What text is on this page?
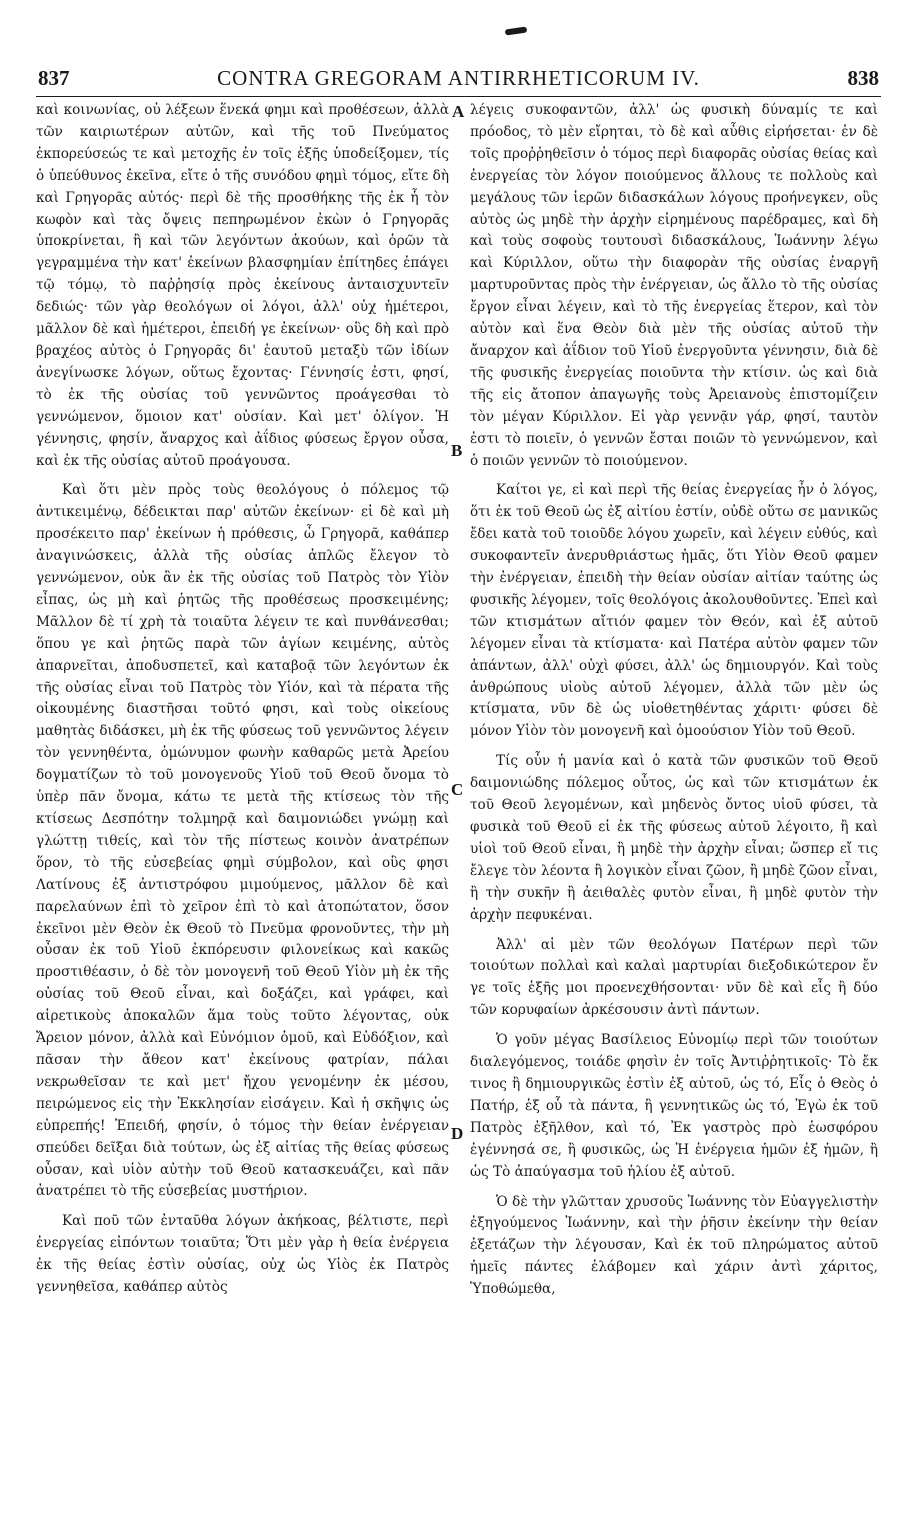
837	CONTRA GREGORAM ANTIRRHETICORUM IV.	838

καὶ κοινωνίας, οὐ λέξεων ἕνεκά φημι καὶ προθέσεων, ἀλλὰ τῶν καιριωτέρων αὐτῶν, καὶ τῆς τοῦ Πνεύματος ἐκπορεύσεώς τε καὶ μετοχῆς ἐν τοῖς ἑξῆς ὑποδείξομεν, τίς ὁ ὑπεύθυνος ἐκεῖνα, εἴτε ὁ τῆς συνόδου φημὶ τόμος, εἴτε δὴ καὶ Γρηγορᾶς αὐτός· περὶ δὲ τῆς προσθήκης τῆς ἐκ ἧ τὸν κωφὸν καὶ τὰς ὄψεις πεπηρωμένον ἐκὼν ὁ Γρηγορᾶς ὑποκρίνεται, ἢ καὶ τῶν λεγόντων ἀκούων, καὶ ὁρῶν τὰ γεγραμμένα τὴν κατ' ἐκείνων βλασφημίαν ἐπίτηδες ἐπάγει τῷ τόμῳ, τὸ παῤῥησίᾳ πρὸς ἐκείνους ἀνταισχυντεῖν δεδιώς· τῶν γὰρ θεολόγων οἱ λόγοι, ἀλλ' οὐχ ἡμέτεροι, μᾶλλον δὲ καὶ ἡμέτεροι, ἐπειδή γε ἐκείνων· οὓς δὴ καὶ πρὸ βραχέος αὐτὸς ὁ Γρηγορᾶς δι' ἑαυτοῦ μεταξὺ τῶν ἰδίων ἀνεγίνωσκε λόγων, οὕτως ἔχοντας· Γέννησίς ἐστι, φησί, τὸ ἐκ τῆς οὐσίας τοῦ γεννῶντος προάγεσθαι τὸ γεννώμενον, ὅμοιον κατ' οὐσίαν. Καὶ μετ' ὀλίγον. Ἡ γέννησις, φησίν, ἄναρχος καὶ ἀΐδιος φύσεως ἔργον οὖσα, καὶ ἐκ τῆς οὐσίας αὐτοῦ προάγουσα.

Καὶ ὅτι μὲν πρὸς τοὺς θεολόγους ὁ πόλεμος τῷ ἀντικειμένῳ, δέδεικται παρ' αὐτῶν ἐκείνων· εἰ δὲ καὶ μὴ προσέκειτο παρ' ἐκείνων ἡ πρόθεσις, ὦ Γρηγορᾶ, καθάπερ ἀναγινώσκεις, ἀλλὰ τῆς οὐσίας ἁπλῶς ἔλεγον τὸ γεννώμενον, οὐκ ἂν ἐκ τῆς οὐσίας τοῦ Πατρὸς τὸν Υἱὸν εἶπας, ὡς μὴ καὶ ῥητῶς τῆς προθέσεως προσκειμένης; Μᾶλλον δὲ τί χρὴ τὰ τοιαῦτα λέγειν τε καὶ πυνθάνεσθαι; ὅπου γε καὶ ῥητῶς παρὰ τῶν ἁγίων κειμένης, αὐτὸς ἀπαρνεῖται, ἀποδυσπετεῖ, καὶ καταβοᾷ τῶν λεγόντων ἐκ τῆς οὐσίας εἶναι τοῦ Πατρὸς τὸν Υἱόν, καὶ τὰ πέρατα τῆς οἰκουμένης διαστῆσαι τοῦτό φησι, καὶ τοὺς οἰκείους μαθητὰς διδάσκει, μὴ ἐκ τῆς φύσεως τοῦ γεννῶντος λέγειν τὸν γεννηθέντα, ὁμώνυμον φωνὴν καθαρῶς μετὰ Ἀρείου δογματίζων τὸ τοῦ μονογενοῦς Υἱοῦ τοῦ Θεοῦ ὄνομα τὸ ὑπὲρ πᾶν ὄνομα, κάτω τε μετὰ τῆς κτίσεως τὸν τῆς κτίσεως Δεσπότην τολμηρᾷ καὶ δαιμονιώδει γνώμῃ καὶ γλώττῃ τιθείς, καὶ τὸν τῆς πίστεως κοινὸν ἀνατρέπων ὅρον, τὸ τῆς εὐσεβείας φημὶ σύμβολον, καὶ οὓς φησι Λατίνους ἐξ ἀντιστρόφου μιμούμενος, μᾶλλον δὲ καὶ παρελαύνων ἐπὶ τὸ χεῖρον ἐπὶ τὸ καὶ ἀτοπώτατον, ὅσον ἐκεῖνοι μὲν Θεὸν ἐκ Θεοῦ τὸ Πνεῦμα φρονοῦντες, τὴν μὴ οὖσαν ἐκ τοῦ Υἱοῦ ἐκπόρευσιν φιλονείκως καὶ κακῶς προστιθέασιν, ὁ δὲ τὸν μονογενῆ τοῦ Θεοῦ Υἱὸν μὴ ἐκ τῆς οὐσίας τοῦ Θεοῦ εἶναι, καὶ δοξάζει, καὶ γράφει, καὶ αἱρετικοὺς ἀποκαλῶν ἅμα τοὺς τοῦτο λέγοντας, οὐκ Ἄρειον μόνον, ἀλλὰ καὶ Εὐνόμιον ὁμοῦ, καὶ Εὐδόξιον, καὶ πᾶσαν τὴν ἄθεον κατ' ἐκείνους φατρίαν, πάλαι νεκρωθεῖσαν τε καὶ μετ' ἤχου γενομένην ἐκ μέσου, πειρώμενος εἰς τὴν Ἐκκλησίαν εἰσάγειν. Καὶ ἡ σκῆψις ὡς εὐπρεπής! Ἐπειδή, φησίν, ὁ τόμος τὴν θείαν ἐνέργειαν σπεύδει δεῖξαι διὰ τούτων, ὡς ἐξ αἰτίας τῆς θείας φύσεως οὖσαν, καὶ υἱὸν αὐτὴν τοῦ Θεοῦ κατασκευάζει, καὶ πᾶν ἀνατρέπει τὸ τῆς εὐσεβείας μυστήριον.

Καὶ ποῦ τῶν ἐνταῦθα λόγων ἀκήκοας, βέλτιστε, περὶ ἐνεργείας εἰπόντων τοιαῦτα; Ὅτι μὲν γὰρ ἡ θεία ἐνέργεια ἐκ τῆς θείας ἐστὶν οὐσίας, οὐχ ὡς Υἱὸς ἐκ Πατρὸς γεννηθεῖσα, καθάπερ αὐτὸς

A
B
C
D

λέγεις συκοφαντῶν, ἀλλ' ὡς φυσικὴ δύναμίς τε καὶ πρόοδος, τὸ μὲν εἴρηται, τὸ δὲ καὶ αὖθις εἰρήσεται· ἐν δὲ τοῖς προῤῥηθεῖσιν ὁ τόμος περὶ διαφορᾶς οὐσίας θείας καὶ ἐνεργείας τὸν λόγον ποιούμενος ἄλλους τε πολλοὺς καὶ μεγάλους τῶν ἱερῶν διδασκάλων λόγους προήνεγκεν, οὓς αὐτὸς ὡς μηδὲ τὴν ἀρχὴν εἰρημένους παρέδραμες, καὶ δὴ καὶ τοὺς σοφοὺς τουτουσὶ διδασκάλους, Ἰωάννην λέγω καὶ Κύριλλον, οὕτω τὴν διαφορὰν τῆς οὐσίας ἐναργῆ μαρτυροῦντας πρὸς τὴν ἐνέργειαν, ὡς ἄλλο τὸ τῆς οὐσίας ἔργον εἶναι λέγειν, καὶ τὸ τῆς ἐνεργείας ἕτερον, καὶ τὸν αὐτὸν καὶ ἕνα Θεὸν διὰ μὲν τῆς οὐσίας αὐτοῦ τὴν ἄναρχον καὶ ἀΐδιον τοῦ Υἱοῦ ἐνεργοῦντα γέννησιν, διὰ δὲ τῆς φυσικῆς ἐνεργείας ποιοῦντα τὴν κτίσιν. ὡς καὶ διὰ τῆς εἰς ἄτοπον ἀπαγωγῆς τοὺς Ἀρειανοὺς ἐπιστομίζειν τὸν μέγαν Κύριλλον. Εἰ γὰρ γεννᾷν γάρ, φησί, ταυτὸν ἐστι τὸ ποιεῖν, ὁ γεννῶν ἔσται ποιῶν τὸ γεννώμενον, καὶ ὁ ποιῶν γεννῶν τὸ ποιούμενον.

Καίτοι γε, εἰ καὶ περὶ τῆς θείας ἐνεργείας ἦν ὁ λόγος, ὅτι ἐκ τοῦ Θεοῦ ὡς ἐξ αἰτίου ἐστίν, οὐδὲ οὕτω σε μανικῶς ἔδει κατὰ τοῦ τοιοῦδε λόγου χωρεῖν, καὶ λέγειν εὐθύς, καὶ συκοφαντεῖν ἀνερυθριάστως ἡμᾶς, ὅτι Υἱὸν Θεοῦ φαμεν τὴν ἐνέργειαν, ἐπειδὴ τὴν θείαν οὐσίαν αἰτίαν ταύτης ὡς φυσικῆς λέγομεν, τοῖς θεολόγοις ἀκολουθοῦντες. Ἐπεὶ καὶ τῶν κτισμάτων αἴτιόν φαμεν τὸν Θεόν, καὶ ἐξ αὐτοῦ λέγομεν εἶναι τὰ κτίσματα· καὶ Πατέρα αὐτὸν φαμεν τῶν ἁπάντων, ἀλλ' οὐχὶ φύσει, ἀλλ' ὡς δημιουργόν. Καὶ τοὺς ἀνθρώπους υἱοὺς αὐτοῦ λέγομεν, ἀλλὰ τῶν μὲν ὡς κτίσματα, νῦν δὲ ὡς υἱοθετηθέντας χάριτι· φύσει δὲ μόνον Υἱὸν τὸν μονογενῆ καὶ ὁμοούσιον Υἱὸν τοῦ Θεοῦ.

Τίς οὖν ἡ μανία καὶ ὁ κατὰ τῶν φυσικῶν τοῦ Θεοῦ δαιμονιώδης πόλεμος οὗτος, ὡς καὶ τῶν κτισμάτων ἐκ τοῦ Θεοῦ λεγομένων, καὶ μηδενὸς ὄντος υἱοῦ φύσει, τὰ φυσικὰ τοῦ Θεοῦ εἰ ἐκ τῆς φύσεως αὐτοῦ λέγοιτο, ἢ καὶ υἱοὶ τοῦ Θεοῦ εἶναι, ἢ μηδὲ τὴν ἀρχὴν εἶναι; ὥσπερ εἴ τις ἔλεγε τὸν λέοντα ἢ λογικὸν εἶναι ζῶον, ἢ μηδὲ ζῶον εἶναι, ἢ τὴν συκῆν ἢ ἀειθαλὲς φυτὸν εἶναι, ἢ μηδὲ φυτὸν τὴν ἀρχὴν πεφυκέναι.

Ἀλλ' αἱ μὲν τῶν θεολόγων Πατέρων περὶ τῶν τοιούτων πολλαὶ καὶ καλαὶ μαρτυρίαι διεξοδικώτερον ἔν γε τοῖς ἑξῆς μοι προενεχθήσονται· νῦν δὲ καὶ εἷς ἢ δύο τῶν κορυφαίων ἀρκέσουσιν ἀντὶ πάντων.

Ὁ γοῦν μέγας Βασίλειος Εὐνομίῳ περὶ τῶν τοιούτων διαλεγόμενος, τοιάδε φησὶν ἐν τοῖς Ἀντιῤῥητικοῖς· Τὸ ἔκ τινος ἢ δημιουργικῶς ἐστὶν ἐξ αὐτοῦ, ὡς τό, Εἷς ὁ Θεὸς ὁ Πατήρ, ἐξ οὗ τὰ πάντα, ἢ γεννητικῶς ὡς τό, Ἐγὼ ἐκ τοῦ Πατρὸς ἐξῆλθον, καὶ τό, Ἐκ γαστρὸς πρὸ ἑωσφόρου ἐγέννησά σε, ἢ φυσικῶς, ὡς Ἡ ἐνέργεια ἡμῶν ἐξ ἡμῶν, ἢ ὡς Τὸ ἀπαύγασμα τοῦ ἡλίου ἐξ αὐτοῦ.

Ὁ δὲ τὴν γλῶτταν χρυσοῦς Ἰωάννης τὸν Εὐαγγελιστὴν ἐξηγούμενος Ἰωάννην, καὶ τὴν ῥῆσιν ἐκείνην τὴν θείαν ἐξετάζων τὴν λέγουσαν, Καὶ ἐκ τοῦ πληρώματος αὐτοῦ ἡμεῖς πάντες ἐλάβομεν καὶ χάριν ἀντὶ χάριτος, Ὑποθώμεθα,
